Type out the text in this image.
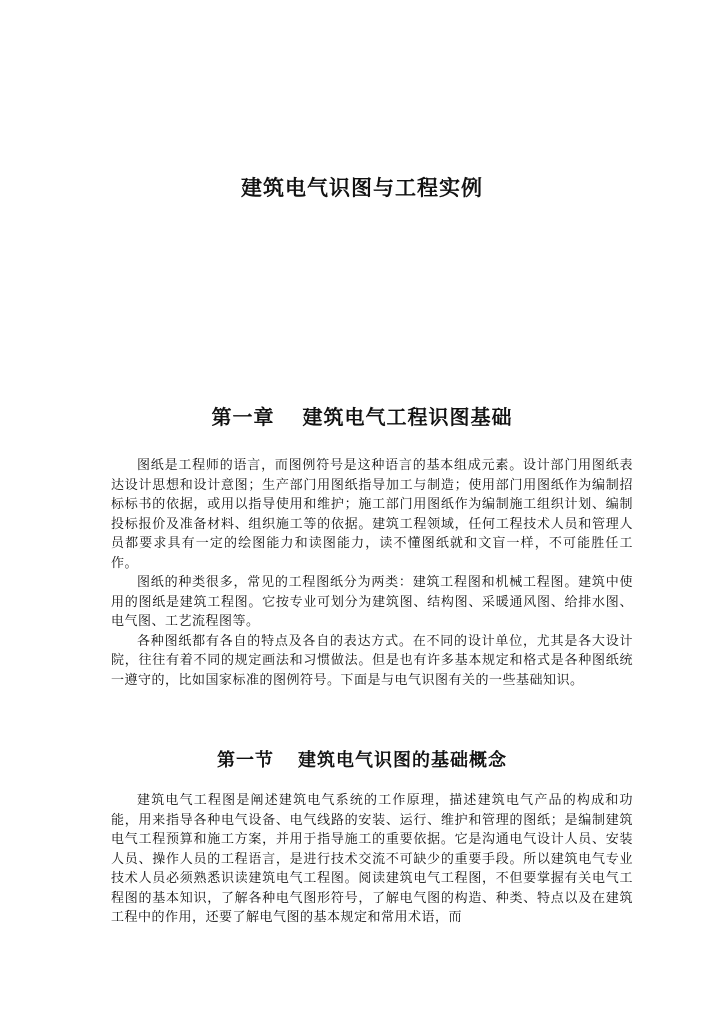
建筑电气识图与工程实例
第一章 建筑电气工程识图基础

图纸是工程师的语言，而图例符号是这种语言的基本组成元素。设计部门用图纸表达设计思想和设计意图；生产部门用图纸指导加工与制造；使用部门用图纸作为编制招标标书的依据，或用以指导使用和维护；施工部门用图纸作为编制施工组织计划、编制投标报价及准备材料、组织施工等的依据。建筑工程领域，任何工程技术人员和管理人员都要求具有一定的绘图能力和读图能力，读不懂图纸就和文盲一样，不可能胜任工作。

图纸的种类很多，常见的工程图纸分为两类：建筑工程图和机械工程图。建筑中使用的图纸是建筑工程图。它按专业可划分为建筑图、结构图、采暖通风图、给排水图、电气图、工艺流程图等。

各种图纸都有各自的特点及各自的表达方式。在不同的设计单位，尤其是各大设计院，往往有着不同的规定画法和习惯做法。但是也有许多基本规定和格式是各种图纸统一遵守的，比如国家标准的图例符号。下面是与电气识图有关的一些基础知识。

第一节 建筑电气识图的基础概念

建筑电气工程图是阐述建筑电气系统的工作原理，描述建筑电气产品的构成和功能，用来指导各种电气设备、电气线路的安装、运行、维护和管理的图纸；是编制建筑电气工程预算和施工方案，并用于指导施工的重要依据。它是沟通电气设计人员、安装人员、操作人员的工程语言，是进行技术交流不可缺少的重要手段。所以建筑电气专业技术人员必须熟悉识读建筑电气工程图。阅读建筑电气工程图，不但要掌握有关电气工程图的基本知识，了解各种电气图形符号，了解电气图的构造、种类、特点以及在建筑工程中的作用，还要了解电气图的基本规定和常用术语，而
